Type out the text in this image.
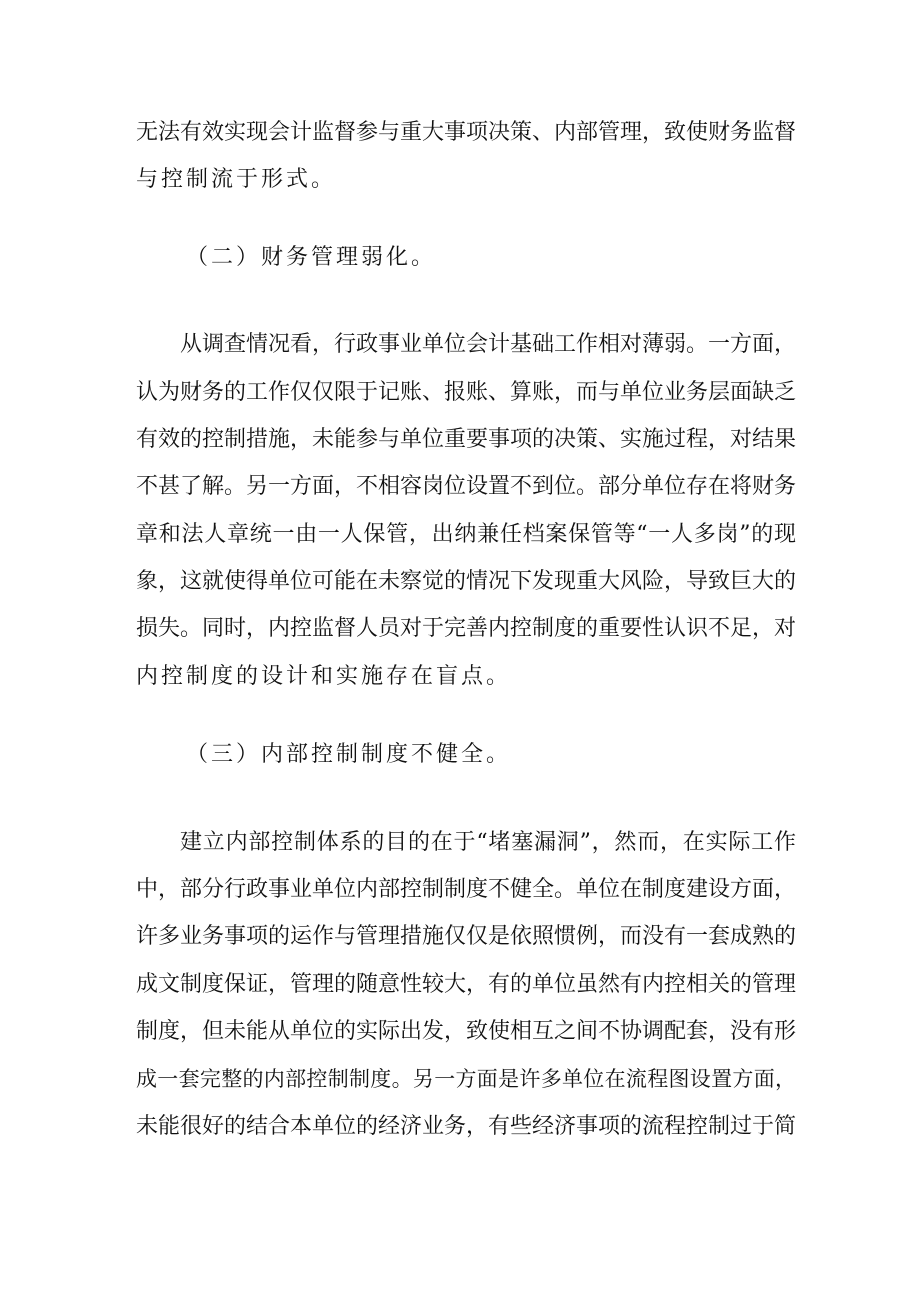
无法有效实现会计监督参与重大事项决策、内部管理，致使财务监督
与控制流于形式。
（二）财务管理弱化。
从调查情况看，行政事业单位会计基础工作相对薄弱。一方面，
认为财务的工作仅仅限于记账、报账、算账，而与单位业务层面缺乏
有效的控制措施，未能参与单位重要事项的决策、实施过程，对结果
不甚了解。另一方面，不相容岗位设置不到位。部分单位存在将财务
章和法人章统一由一人保管，出纳兼任档案保管等“一人多岗”的现
象，这就使得单位可能在未察觉的情况下发现重大风险，导致巨大的
损失。同时，内控监督人员对于完善内控制度的重要性认识不足，对
内控制度的设计和实施存在盲点。
（三）内部控制制度不健全。
建立内部控制体系的目的在于“堵塞漏洞”，然而，在实际工作
中，部分行政事业单位内部控制制度不健全。单位在制度建设方面，
许多业务事项的运作与管理措施仅仅是依照惯例，而没有一套成熟的
成文制度保证，管理的随意性较大，有的单位虽然有内控相关的管理
制度，但未能从单位的实际出发，致使相互之间不协调配套，没有形
成一套完整的内部控制制度。另一方面是许多单位在流程图设置方面，
未能很好的结合本单位的经济业务，有些经济事项的流程控制过于简
